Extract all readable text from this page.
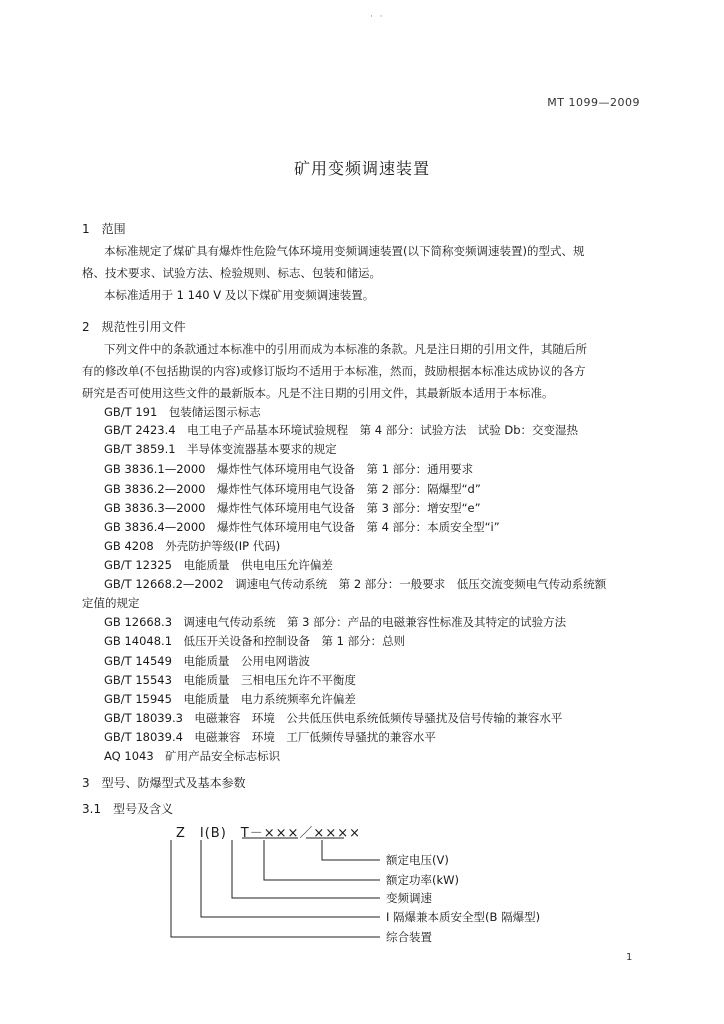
· ·
MT 1099—2009
矿用变频调速装置
1　范围
本标准规定了煤矿具有爆炸性危险气体环境用变频调速装置(以下简称变频调速装置)的型式、规
格、技术要求、试验方法、检验规则、标志、包装和储运。
本标准适用于 1 140 V 及以下煤矿用变频调速装置。
2　规范性引用文件
下列文件中的条款通过本标准中的引用而成为本标准的条款。凡是注日期的引用文件，其随后所
有的修改单(不包括勘误的内容)或修订版均不适用于本标准，然而，鼓励根据本标准达成协议的各方
研究是否可使用这些文件的最新版本。凡是不注日期的引用文件，其最新版本适用于本标准。
GB/T 191　包装储运图示标志
GB/T 2423.4　电工电子产品基本环境试验规程　第 4 部分：试验方法　试验 Db：交变湿热
GB/T 3859.1　半导体变流器基本要求的规定
GB 3836.1—2000　爆炸性气体环境用电气设备　第 1 部分：通用要求
GB 3836.2—2000　爆炸性气体环境用电气设备　第 2 部分：隔爆型“d”
GB 3836.3—2000　爆炸性气体环境用电气设备　第 3 部分：增安型“e”
GB 3836.4—2000　爆炸性气体环境用电气设备　第 4 部分：本质安全型“i”
GB 4208　外壳防护等级(IP 代码)
GB/T 12325　电能质量　供电电压允许偏差
GB/T 12668.2—2002　调速电气传动系统　第 2 部分：一般要求　低压交流变频电气传动系统额
定值的规定
GB 12668.3　调速电气传动系统　第 3 部分：产品的电磁兼容性标准及其特定的试验方法
GB 14048.1　低压开关设备和控制设备　第 1 部分：总则
GB/T 14549　电能质量　公用电网谐波
GB/T 15543　电能质量　三相电压允许不平衡度
GB/T 15945　电能质量　电力系统频率允许偏差
GB/T 18039.3　电磁兼容　环境　公共低压供电系统低频传导骚扰及信号传输的兼容水平
GB/T 18039.4　电磁兼容　环境　工厂低频传导骚扰的兼容水平
AQ 1043　矿用产品安全标志标识
3　型号、防爆型式及基本参数
3.1　型号及含义
Z　I(B)　T－×××／××××
额定电压(V)
额定功率(kW)
变频调速
I 隔爆兼本质安全型(B 隔爆型)
综合装置
1
